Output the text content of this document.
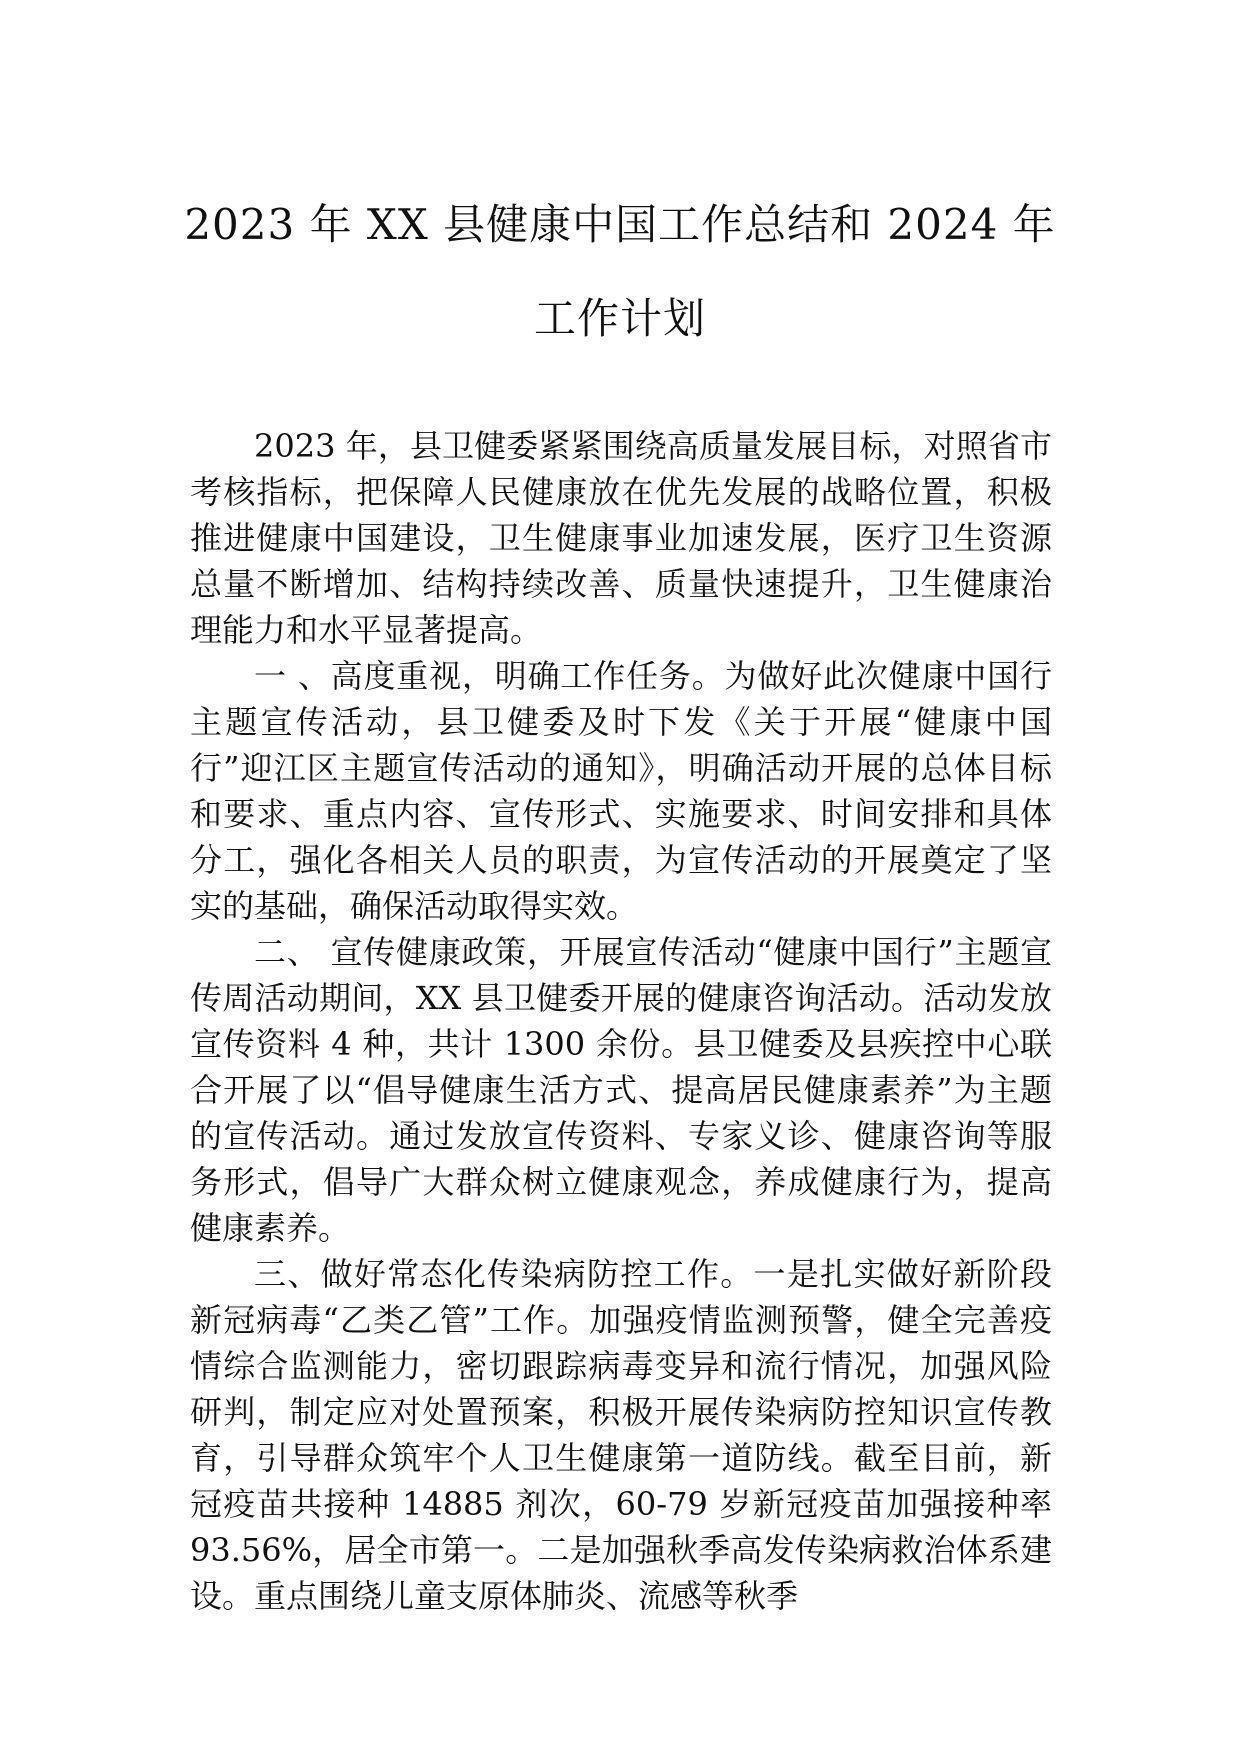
2023 年 XX 县健康中国工作总结和 2024 年
工作计划

2023 年，县卫健委紧紧围绕高质量发展目标，对照省市考核指标，把保障人民健康放在优先发展的战略位置，积极推进健康中国建设，卫生健康事业加速发展，医疗卫生资源总量不断增加、结构持续改善、质量快速提升，卫生健康治理能力和水平显著提高。

一 、高度重视，明确工作任务。为做好此次健康中国行主题宣传活动，县卫健委及时下发《关于开展“健康中国行”迎江区主题宣传活动的通知》，明确活动开展的总体目标和要求、重点内容、宣传形式、实施要求、时间安排和具体分工，强化各相关人员的职责，为宣传活动的开展奠定了坚实的基础，确保活动取得实效。

二、 宣传健康政策，开展宣传活动“健康中国行”主题宣传周活动期间，XX 县卫健委开展的健康咨询活动。活动发放宣传资料 4 种，共计 1300 余份。县卫健委及县疾控中心联合开展了以“倡导健康生活方式、提高居民健康素养”为主题的宣传活动。通过发放宣传资料、专家义诊、健康咨询等服务形式，倡导广大群众树立健康观念，养成健康行为，提高健康素养。

三、做好常态化传染病防控工作。一是扎实做好新阶段新冠病毒“乙类乙管”工作。加强疫情监测预警，健全完善疫情综合监测能力，密切跟踪病毒变异和流行情况，加强风险研判，制定应对处置预案，积极开展传染病防控知识宣传教育，引导群众筑牢个人卫生健康第一道防线。截至目前，新冠疫苗共接种 14885 剂次，60-79 岁新冠疫苗加强接种率 93.56%，居全市第一。二是加强秋季高发传染病救治体系建设。重点围绕儿童支原体肺炎、流感等秋季
